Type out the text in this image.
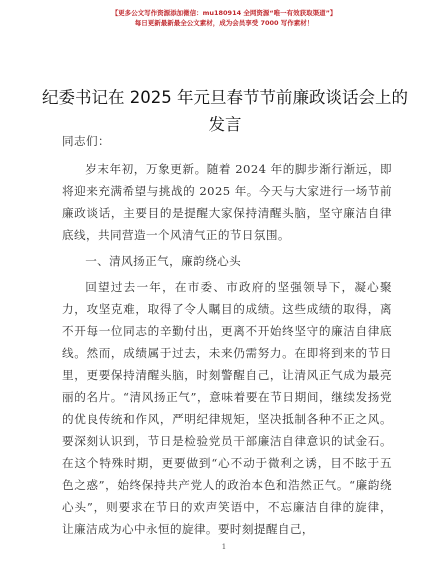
【更多公文写作资源添加微信：mu180914 全网资源“唯一有效获取渠道”】
每日更新最新最全公文素材，成为会员享受 7000 写作素材！
纪委书记在 2025 年元旦春节节前廉政谈话会上的发言

同志们：

岁末年初，万象更新。随着 2024 年的脚步渐行渐远，即将迎来充满希望与挑战的 2025 年。今天与大家进行一场节前廉政谈话，主要目的是提醒大家保持清醒头脑，坚守廉洁自律底线，共同营造一个风清气正的节日氛围。

一、清风扬正气，廉韵绕心头

回望过去一年，在市委、市政府的坚强领导下，凝心聚力，攻坚克难，取得了令人瞩目的成绩。这些成绩的取得，离不开每一位同志的辛勤付出，更离不开始终坚守的廉洁自律底线。然而，成绩属于过去，未来仍需努力。在即将到来的节日里，更要保持清醒头脑，时刻警醒自己，让清风正气成为最亮丽的名片。“清风扬正气”，意味着要在节日期间，继续发扬党的优良传统和作风，严明纪律规矩，坚决抵制各种不正之风。要深刻认识到，节日是检验党员干部廉洁自律意识的试金石。在这个特殊时期，更要做到“心不动于微利之诱，目不眩于五色之惑”，始终保持共产党人的政治本色和浩然正气。“廉韵绕心头”，则要求在节日的欢声笑语中，不忘廉洁自律的旋律，让廉洁成为心中永恒的旋律。要时刻提醒自己，

1
